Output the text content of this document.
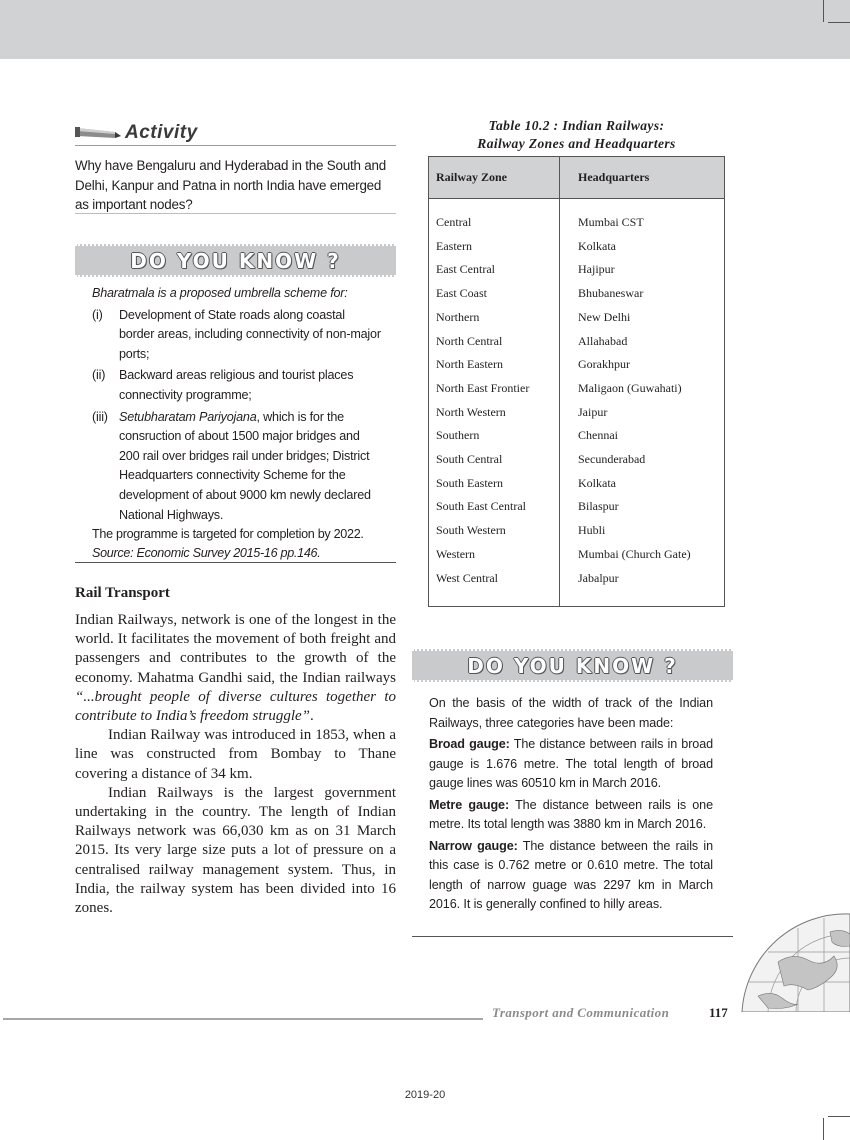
Activity
Why have Bengaluru and Hyderabad in the South and Delhi, Kanpur and Patna in north India have emerged as important nodes?
DO YOU KNOW ?
Bharatmala is a proposed umbrella scheme for:
(i) Development of State roads along coastal border areas, including connectivity of non-major ports;
(ii) Backward areas religious and tourist places connectivity programme;
(iii) Setubharatam Pariyojana, which is for the consruction of about 1500 major bridges and 200 rail over bridges rail under bridges; District Headquarters connectivity Scheme for the development of about 9000 km newly declared National Highways.
The programme is targeted for completion by 2022.
Source: Economic Survey 2015-16 pp.146.
Rail Transport

Indian Railways, network is one of the longest in the world. It facilitates the movement of both freight and passengers and contributes to the growth of the economy. Mahatma Gandhi said, the Indian railways “...brought people of diverse cultures together to contribute to India’s freedom struggle”.

Indian Railway was introduced in 1853, when a line was constructed from Bombay to Thane covering a distance of 34 km.

Indian Railways is the largest government undertaking in the country. The length of Indian Railways network was 66,030 km as on 31 March 2015. Its very large size puts a lot of pressure on a centralised railway management system. Thus, in India, the railway system has been divided into 16 zones.

Table 10.2 : Indian Railways:
Railway Zones and Headquarters
Railway Zone	Headquarters
Central	Mumbai CST
Eastern	Kolkata
East Central	Hajipur
East Coast	Bhubaneswar
Northern	New Delhi
North Central	Allahabad
North Eastern	Gorakhpur
North East Frontier	Maligaon (Guwahati)
North Western	Jaipur
Southern	Chennai
South Central	Secunderabad
South Eastern	Kolkata
South East Central	Bilaspur
South Western	Hubli
Western	Mumbai (Church Gate)
West Central	Jabalpur
DO YOU KNOW ?

On the basis of the width of track of the Indian Railways, three categories have been made:

Broad gauge: The distance between rails in broad gauge is 1.676 metre. The total length of broad gauge lines was 60510 km in March 2016.

Metre gauge: The distance between rails is one metre. Its total length was 3880 km in March 2016.

Narrow gauge: The distance between the rails in this case is 0.762 metre or 0.610 metre. The total length of narrow guage was 2297 km in March 2016. It is generally confined to hilly areas.

Transport and Communication	117
2019-20
